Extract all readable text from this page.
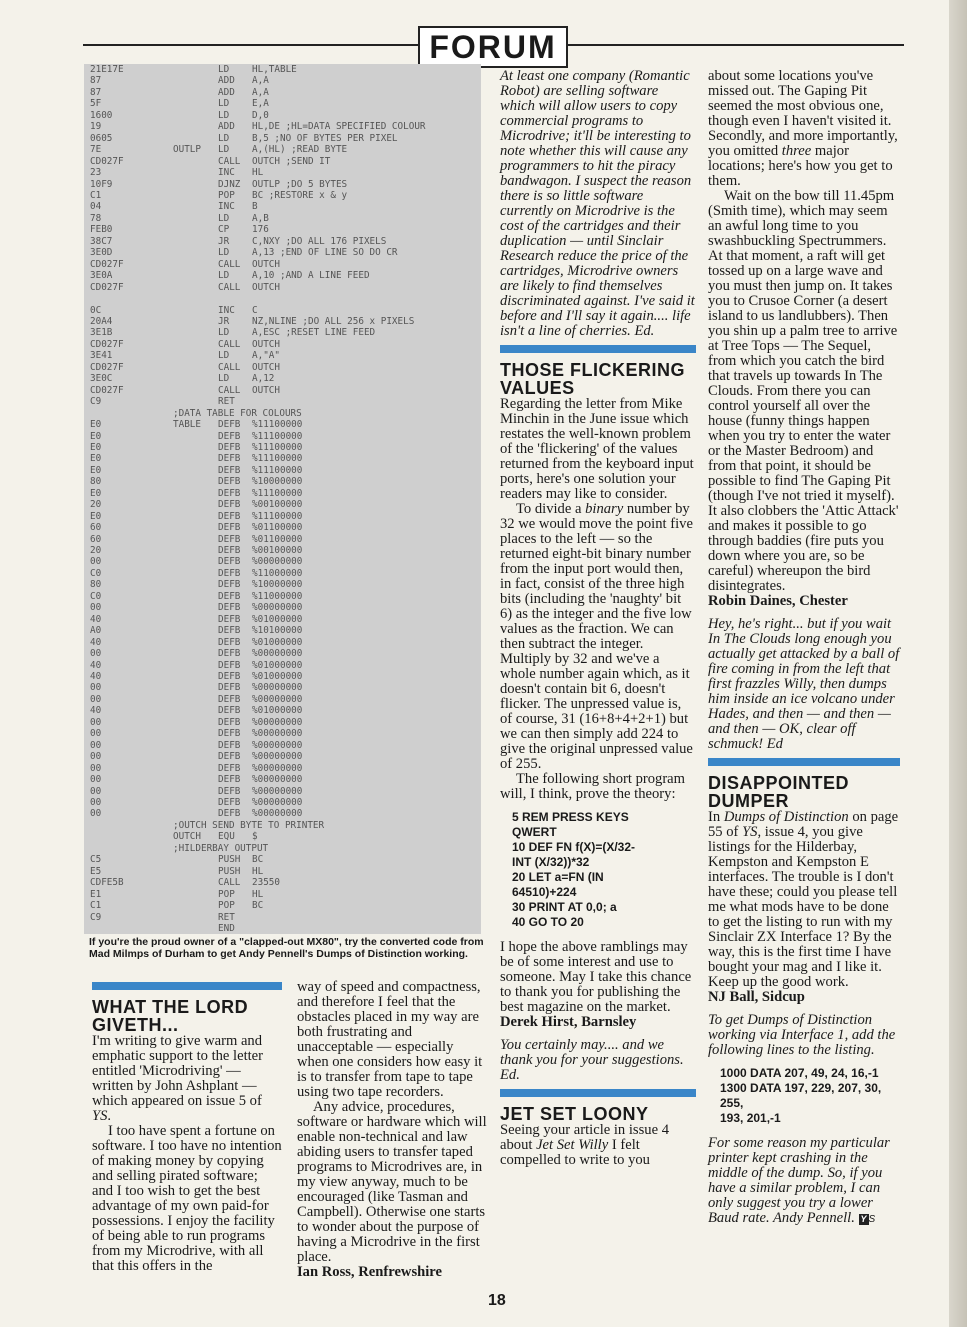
FORUM
21E17E	LD HL,TABLE
87	ADD A,A
87	ADD A,A
5F	LD E,A
1600	LD D,0
19	ADD HL,DE ;HL=DATA SPECIFIED COLOUR
0605	LD B,5 ;NO OF BYTES PER PIXEL
7E	OUTLP LD A,(HL) ;READ BYTE
CD027F	CALL OUTCH ;SEND IT
23	INC HL
10F9	DJNZ OUTLP ;DO 5 BYTES
C1	POP BC ;RESTORE x & y
04	INC B
78	LD A,B
FEB0	CP 176
38C7	JR C,NXY ;DO ALL 176 PIXELS
3E0D	LD A,13 ;END OF LINE SO DO CR
CD027F	CALL OUTCH
3E0A	LD A,10 ;AND A LINE FEED
CD027F	CALL OUTCH
0C	INC C
20A4	JR NZ,NLINE ;DO ALL 256 x PIXELS
3E1B	LD A,ESC ;RESET LINE FEED
CD027F	CALL OUTCH
3E41	LD A,"A"
CD027F	CALL OUTCH
3E0C	LD A,12
CD027F	CALL OUTCH
C9	RET
;DATA TABLE FOR COLOURS
E0	TABLE DEFB %11100000
E0	DEFB %11100000
E0	DEFB %11100000
E0	DEFB %11100000
E0	DEFB %11100000
80	DEFB %10000000
E0	DEFB %11100000
20	DEFB %00100000
E0	DEFB %11100000
60	DEFB %01100000
60	DEFB %01100000
20	DEFB %00100000
00	DEFB %00000000
C0	DEFB %11000000
80	DEFB %10000000
C0	DEFB %11000000
00	DEFB %00000000
40	DEFB %01000000
A0	DEFB %10100000
40	DEFB %01000000
00	DEFB %00000000
40	DEFB %01000000
40	DEFB %01000000
00	DEFB %00000000
00	DEFB %00000000
40	DEFB %01000000
00	DEFB %00000000
00	DEFB %00000000
00	DEFB %00000000
00	DEFB %00000000
00	DEFB %00000000
00	DEFB %00000000
00	DEFB %00000000
00	DEFB %00000000
00	DEFB %00000000
;OUTCH SEND BYTE TO PRINTER
OUTCH EQU $
;HILDERBAY OUTPUT
C5	PUSH BC
E5	PUSH HL
CDFE5B	CALL 23550
E1	POP HL
C1	POP BC
C9	RET
END
If you're the proud owner of a "clapped-out MX80", try the converted code from Mad Milmps of Durham to get Andy Pennell's Dumps of Distinction working.
WHAT THE LORD GIVETH...

I'm writing to give warm and emphatic support to the letter entitled 'Microdriving' — written by John Ashplant — which appeared on issue 5 of YS.

I too have spent a fortune on software. I too have no intention of making money by copying and selling pirated software; and I too wish to get the best advantage of my own paid-for possessions. I enjoy the facility of being able to run programs from my Microdrive, with all that this offers in the

way of speed and compactness, and therefore I feel that the obstacles placed in my way are both frustrating and unacceptable — especially when one considers how easy it is to transfer from tape to tape using two tape recorders.

Any advice, procedures, software or hardware which will enable non-technical and law abiding users to transfer taped programs to Microdrives are, in my view anyway, much to be encouraged (like Tasman and Campbell). Otherwise one starts to wonder about the purpose of having a Microdrive in the first place.

Ian Ross, Renfrewshire

At least one company (Romantic Robot) are selling software which will allow users to copy commercial programs to Microdrive; it'll be interesting to note whether this will cause any programmers to hit the piracy bandwagon. I suspect the reason there is so little software currently on Microdrive is the cost of the cartridges and their duplication — until Sinclair Research reduce the price of the cartridges, Microdrive owners are likely to find themselves discriminated against. I've said it before and I'll say it again.... life isn't a line of cherries. Ed.

THOSE FLICKERING VALUES

Regarding the letter from Mike Minchin in the June issue which restates the well-known problem of the 'flickering' of the values returned from the keyboard input ports, here's one solution your readers may like to consider.

To divide a binary number by 32 we would move the point five places to the left — so the returned eight-bit binary number from the input port would then, in fact, consist of the three high bits (including the 'naughty' bit 6) as the integer and the five low values as the fraction. We can then subtract the integer. Multiply by 32 and we've a whole number again which, as it doesn't contain bit 6, doesn't flicker. The unpressed value is, of course, 31 (16+8+4+2+1) but we can then simply add 224 to give the original unpressed value of 255.

The following short program will, I think, prove the theory:

5 REM PRESS KEYS
QWERT
10 DEF FN f(X)=(X/32-
INT (X/32))*32
20 LET a=FN (IN
64510)+224
30 PRINT AT 0,0; a
40 GO TO 20

I hope the above ramblings may be of some interest and use to someone. May I take this chance to thank you for publishing the best magazine on the market.

Derek Hirst, Barnsley

You certainly may.... and we thank you for your suggestions. Ed.

JET SET LOONY

Seeing your article in issue 4 about Jet Set Willy I felt compelled to write to you

about some locations you've missed out. The Gaping Pit seemed the most obvious one, though even I haven't visited it. Secondly, and more importantly, you omitted three major locations; here's how you get to them.

Wait on the bow till 11.45pm (Smith time), which may seem an awful long time to you swashbuckling Spectrummers. At that moment, a raft will get tossed up on a large wave and you must then jump on. It takes you to Crusoe Corner (a desert island to us landlubbers). Then you shin up a palm tree to arrive at Tree Tops — The Sequel, from which you catch the bird that travels up towards In The Clouds. From there you can control yourself all over the house (funny things happen when you try to enter the water or the Master Bedroom) and from that point, it should be possible to find The Gaping Pit (though I've not tried it myself). It also clobbers the 'Attic Attack' and makes it possible to go through baddies (fire puts you down where you are, so be careful) whereupon the bird disintegrates.

Robin Daines, Chester

Hey, he's right... but if you wait In The Clouds long enough you actually get attacked by a ball of fire coming in from the left that first frazzles Willy, then dumps him inside an ice volcano under Hades, and then — and then — and then — OK, clear off schmuck! Ed

DISAPPOINTED DUMPER

In Dumps of Distinction on page 55 of YS, issue 4, you give listings for the Hilderbay, Kempston and Kempston E interfaces. The trouble is I don't have these; could you please tell me what mods have to be done to get the listing to run with my Sinclair ZX Interface 1? By the way, this is the first time I have bought your mag and I like it. Keep up the good work.

NJ Ball, Sidcup

To get Dumps of Distinction working via Interface 1, add the following lines to the listing.

1000 DATA 207, 49, 24, 16,-1
1300 DATA 197, 229, 207, 30, 255,
193, 201,-1

For some reason my particular printer kept crashing in the middle of the dump. So, if you have a similar problem, I can only suggest you try a lower Baud rate. Andy Pennell. Y S

18
